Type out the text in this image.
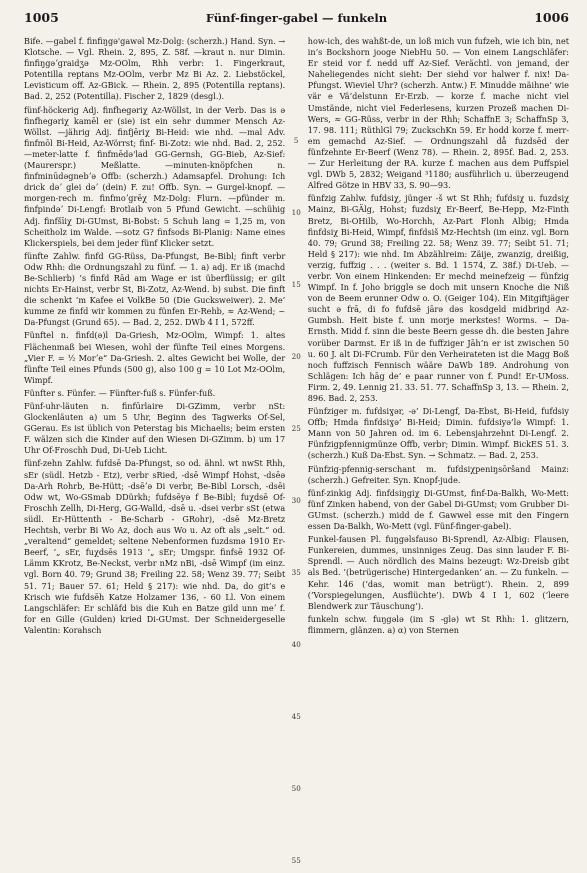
1005	Fünf-finger-gabel — funkeln	1006

Bife. —gabel f. finfiŋgə'gawǝl Mz-Dolg: (scherzh.) Hand. Syn. → Klotsche. — Vgl. Rhein. 2, 895, Z. 58f. —kraut n. nur Dimin. finfiŋgəʼgraidʒə Mz-OOlm, Rhh verbr: 1. Fingerkraut, Potentilla reptans Mz-OOlm, verbr Mz Bi Az. 2. Liebstöckel, Levisticum off. Az-GBick. — Rhein. 2, 895 (Potentilla reptans). Bad. 2, 252 (Potentilla). Fischer 2, 1829 (desgl.).

fünf-höckerig Adj. finfhegəriχ Az-Wöllst, in der Verb. Das is ə finfhegəriχ kamēl er (sie) ist ein sehr dummer Mensch Az-Wöllst. —jährig Adj. finfjēriχ Bi-Heid: wie nhd. —mal Adv. finfmōl Bi-Heid, Az-Wörrst; finf- Bi-Zotz: wie nhd. Bad. 2, 252. —meter-latte f. finfmēdə'lad GG-Gernsh, GG-Bieb, Az-Sief: (Maurerspr.) Meßlatte. —minuten-knöpfchen n. finfminūdəgnebʼə Offb: (scherzh.) Adamsapfel. Drohung: Ich drick dəʼ glei dəʼ (dein) F. zu! Offb. Syn. → Gurgel-knopf. —morgen-rech m. finfmoʼgrēχ Mz-Dolg: Flurn. —pfünder m. finfpindəʼ Di-Lengf: Brotlaib von 5 Pfund Gewicht. —schühig Adj. finfšīiχ Di-GUmst, Bi-Bobst: 5 Schuh lang = 1,25 m, von Scheitholz im Walde. —sotz G? finfsods Bi-Planig: Name eines Klickerspiels, bei dem jeder fünf Klicker setzt.

fünfte Zahlw. finfd GG-Rüss, Da-Pfungst, Be-Bibl; finft verbr Odw Rhh: die Ordnungszahl zu fünf. — 1. a) adj. Er iß (machd Be-Schlierb) ’s finfd Rād am Wage er ist überflüssig; er gilt nichts Er-Hainst, verbr St, Bi-Zotz, Az-Wend. b) subst. Die finft die schenkt ’m Kafee ei VolkBe 50 (Die Gucksweiwer). 2. Me’ kumme ze finfd wir kommen zu fünfen Er-Rehb, ≈ Az-Wend; ~ Da-Pfungst (Grund 65). — Bad. 2, 252. DWb 4 I 1, 572ff.

Fünftel n. finfd(ə)l Da-Griesh, Mz-OOlm, Wimpf: 1. altes Flächenmaß bei Wiesen, wohl der fünfte Teil eines Morgens. „Vier F. = ½ Morʼe“ Da-Griesh. 2. altes Gewicht bei Wolle, der fünfte Teil eines Pfunds (500 g), also 100 g = 10 Lot Mz-OOlm, Wimpf.

Fünfter s. Fünfer. — Fünfter-fuß s. Fünfer-fuß.

Fünf-uhr-läuten n. finfūrlaire Di-GZimm, verbr nSt: Glockenläuten a) um 5 Uhr, Beginn des Tagwerks Of-Sel, GGerau. Es ist üblich von Peterstag bis Michaelis; beim ersten F. wälzen sich die Kinder auf den Wiesen Di-GZimm. b) um 17 Uhr Of-Froschh Dud, Di-Ueb Licht.

fünf-zehn Zahlw. fufdsē Da-Pfungst, so od. ähnl. wt nwSt Rhh, sEr (südl. Hetzb - Etz), verbr sRied, -dsē Wimpf Hohst, -dsēə Da-Arh Rohrb, Be-Hütt; -dsēʼə Di verbr, Be-Bibl Lorsch, -dsēi Odw wt, Wo-GSmab DDürkh; fufdsēyə f Be-Bibl; fuχdsē Of-Froschh Zellh, Di-Herg, GG-Walld, -dsē u. -dsei verbr sSt (etwa südl. Er-Hüttenth - Be-Scharb - GRohr), -dsē Mz-Bretz Hechtsh, verbr Bi Wo Az, doch aus Wo u. Az oft als „selt.“ od. „veraltend“ gemeldet; seltene Nebenformen fuzdsmə 1910 Er-Beerf, ’„ sEr, fuχdsēs 1913 ’„ sEr; Umgspr. finfsē 1932 Of-Lämm KKrotz, Be-Neckst, verbr nMz nBi, -dsē Wimpf (im einz. vgl. Born 40. 79; Grund 38; Freiling 22. 58; Wenz 39. 77; Seibt 51. 71; Bauer 57. 61; Held § 217): wie nhd. Da, do git’s e Krisch wie fufdsēh Katze Holzamer 136, - 60 Ll. Von einem Langschläfer: Er schläfd bis die Kuh en Batze gild unn meʼ f. for en Gille (Gulden) kried Di-GUmst. Der Schneidergeselle Valentin: Korahsch

5
10
15
20
25
30
35
40
45
50
55

how-ich, des wahßt-de, un loß mich vun fufzeh, wie ich bin, net in’s Bockshorn jooge NiebHu 50. — Von einem Langschläfer: Er steid vor f. nedd uff Az-Sief. Verächtl. von jemand, der Naheliegendes nicht sieht: Der siehd vor halwer f. nix! Da-Pfungst. Wieviel Uhr? (scherzh. Antw.) F. Minudde mäihne’ wie vär e Vä’delstunn Er-Erzb. — korze f. mache nicht viel Umstände, nicht viel Federlesens, kurzen Prozeß machen Di-Wers, ≈ GG-Rüss, verbr in der Rhh; SchaffnE 3; SchaffnSp 3, 17. 98. 111; RüthlGl 79; ZuckschKn 59. Er hodd korze f. merr-em gemachd Az-Sief. — Ordnungszahl då fuzdsēd der fünfzehnte Er-Beerf (Wenz 78). — Rhein. 2, 895f. Bad. 2, 253. — Zur Herleitung der RA. kurze f. machen aus dem Puffspiel vgl. DWb 5, 2832; Weigand ³1180; ausführlich u. überzeugend Alfred Götze in HBV 33, S. 90—93.

fünfzig Zahlw. fufdsiχ, jünger -š wt St Rhh; fufdsiχ u. fuzdsiχ Mainz, Bi-GÄlg, Hohst; fuzdsiχ Er-Beerf, Be-Hepp, Mz-Finth Bretz, Bi-OHilb, Wo-Horchh, Az-Part Flonh Albig; Hmda finfdsiχ Bi-Heid, Wimpf, finfdsiš Mz-Hechtsh (im einz. vgl. Born 40. 79; Grund 38; Freiling 22. 58; Wenz 39. 77; Seibt 51. 71; Held § 217): wie nhd. Im Abzählreim: Zäije, zwanzig, dreißig, verzig, fuffzig . . . (weiter s. Bd. 1 1574, Z. 38f.) Di-Ueb. — verbr. Von einem Hinkenden: Er mechd meinefzeig — fünfzig Wimpf. In f. Joho brigglɘ se doch mit unsern Knoche die Niß von de Beem erunner Odw o. O. (Geiger 104). Ein Mitgiftjäger sucht ə frā, di fo fufdsē jārə dəs kosdgeld midbriŋd Az-Gumbsh. Heit biste f. unn morje merkstes! Worms. ~ Da-Ernsth. Midd f. sinn die beste Beern gesse dh. die besten Jahre vorüber Darmst. Er iß in de fuffziger Jāh’n er ist zwischen 50 u. 60 J. alt Di-FCrumb. Für den Verheirateten ist die Magg Boß noch fuffzisch Fennisch wääre DaWb 189. Androhung von Schlägen: Ich hāg de’ e paar runner von f. Pund! Er-UMoss. Firm. 2, 49. Lennig 21. 33. 51. 77. SchaffnSp 3, 13. — Rhein. 2, 896. Bad. 2, 253.

Fünfziger m. fufdsiɣər, -ə’ Di-Lengf, Da-Ebst, Bi-Heid, fufdsiy Offb; Hmda finfdsiɣə’ Bi-Heid; Dimin. fufdsiyə’lə Wimpf: 1. Mann von 50 Jahren od. im 6. Lebensjahrzehnt Di-Lengf. 2. Fünfzigpfennigmünze Offb, verbr; Dimin. Wimpf. BickES 51. 3. (scherzh.) Kuß Da-Ebst. Syn. → Schmatz. — Bad. 2, 253.

Fünfzig-pfennig-serschant m. fufdsiχpeniŋsōrŝand Mainz: (scherzh.) Gefreiter. Syn. Knopf-jude.

fünf-zinkig Adj. finfdsiŋgiχ Di-GUmst, finf-Da-Balkh, Wo-Mett: fünf Zinken habend, von der Gabel Di-GUmst; vom Grubber Di-GUmst. (scherzh.) midd de f. Gawwel esse mit den Fingern essen Da-Balkh, Wo-Mett (vgl. Fünf-finger-gabel).

Funkel-fausen Pl. fuŋgəlsfauso Bi-Sprendl, Az-Albig: Flausen, Funkereien, dummes, unsinniges Zeug. Das sinn lauder F. Bi-Sprendl. — Auch nördlich des Mains bezeugt: Wz-Dreisb gibt als Bed. ’(betrügerische) Hintergedanken’ an. — Zu funkeln. — Kehr. 146 (’das, womit man betrügt’). Rhein. 2, 899 (’Vorspiegelungen, Ausflüchte’). DWb 4 I 1, 602 (’leere Blendwerk zur Täuschung’).

funkeln schw. fuŋgəlǝ (im S -glə) wt St Rhh: 1. glitzern, flimmern, glänzen. a) α) von Sternen
